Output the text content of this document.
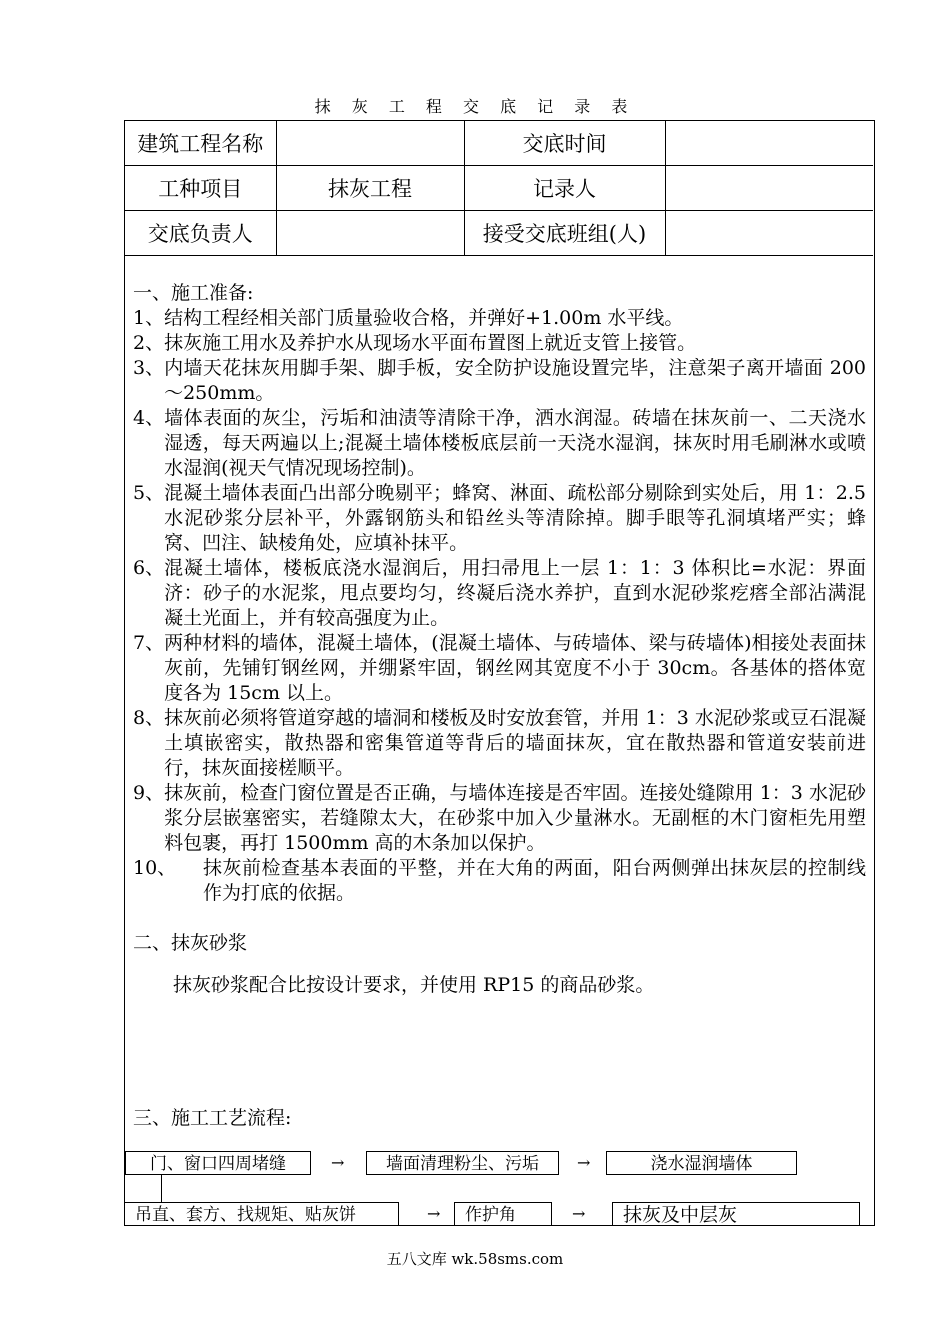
抹 灰 工 程 交 底 记 录 表
建筑工程名称		交底时间	
工种项目	抹灰工程	记录人	
交底负责人		接受交底班组(人)	

一、施工准备:

1、 结构工程经相关部门质量验收合格，并弹好+1.00m 水平线。
2、 抹灰施工用水及养护水从现场水平面布置图上就近支管上接管。
3、 内墙天花抹灰用脚手架、脚手板，安全防护设施设置完毕，注意架子离开墙面 200～250mm。
4、 墙体表面的灰尘，污垢和油渍等清除干净，洒水润湿。砖墙在抹灰前一、二天浇水湿透，每天两遍以上;混凝土墙体楼板底层前一天浇水湿润，抹灰时用毛刷淋水或喷水湿润(视天气情况现场控制)。
5、 混凝土墙体表面凸出部分晚剔平；蜂窝、淋面、疏松部分剔除到实处后，用 1：2.5 水泥砂浆分层补平，外露钢筋头和铅丝头等清除掉。脚手眼等孔洞填堵严实；蜂窝、凹注、缺棱角处，应填补抹平。
6、 混凝土墙体，楼板底浇水湿润后，用扫帚甩上一层 1：1：3 体积比=水泥：界面济：砂子的水泥浆，甩点要均匀，终凝后浇水养护，直到水泥砂浆疙瘩全部沾满混凝土光面上，并有较高强度为止。
7、 两种材料的墙体，混凝土墙体，(混凝土墙体、与砖墙体、梁与砖墙体)相接处表面抹灰前，先铺钉钢丝网，并绷紧牢固，钢丝网其宽度不小于 30cm。各基体的搭体宽度各为 15cm 以上。
8、 抹灰前必须将管道穿越的墙洞和楼板及时安放套管，并用 1：3 水泥砂浆或豆石混凝土填嵌密实，散热器和密集管道等背后的墙面抹灰，宜在散热器和管道安装前进行，抹灰面接槎顺平。
9、 抹灰前，检查门窗位置是否正确，与墙体连接是否牢固。连接处缝隙用 1：3 水泥砂浆分层嵌塞密实，若缝隙太大，在砂浆中加入少量淋水。无副框的木门窗柜先用塑料包裹，再打 1500mm 高的木条加以保护。
10、	抹灰前检查基本表面的平整，并在大角的两面，阳台两侧弹出抹灰层的控制线作为打底的依据。

二、抹灰砂浆

抹灰砂浆配合比按设计要求，并使用 RP15 的商品砂浆。

三、施工工艺流程:

门、窗口四周堵缝	→	墙面清理粉尘、污垢	→	浇水湿润墙体
吊直、套方、找规矩、贴灰饼	→	作护角	→	抹灰及中层灰
五八文库 wk.58sms.com
